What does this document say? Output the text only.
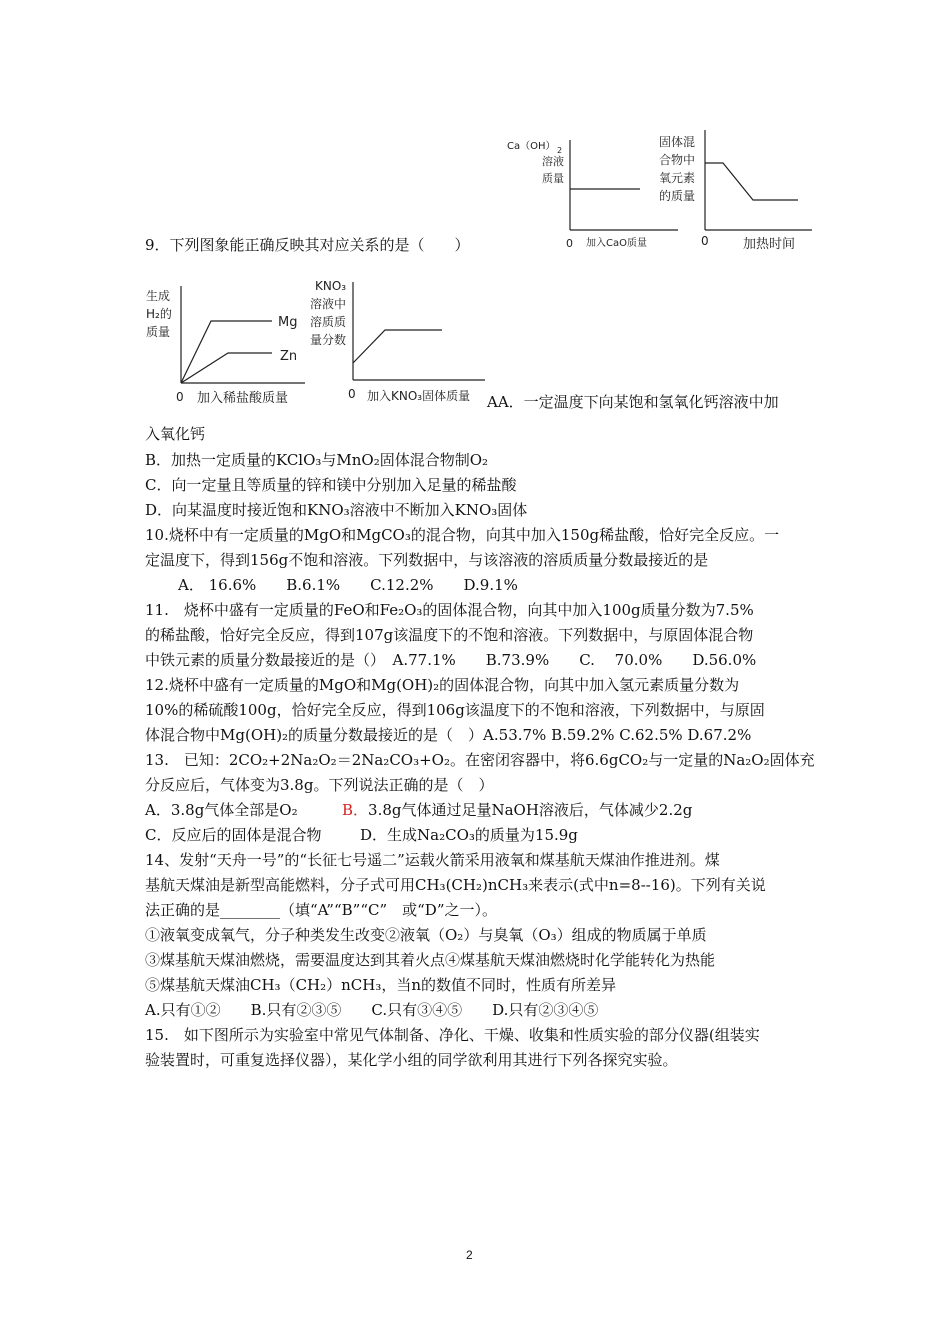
Ca（OH） 2
溶液
质量
0 加入CaO质量
固体混
合物中
氧元素
的质量
0	加热时间
生成
H₂的
质量
Mg
Zn
0 加入稀盐酸质量
KNO₃
溶液中
溶质质
量分数
0 加入KNO₃固体质量
9．下列图象能正确反映其对应关系的是（　　）
AA．一定温度下向某饱和氢氧化钙溶液中加
入氧化钙
B．加热一定质量的KClO₃与MnO₂固体混合物制O₂
C．向一定量且等质量的锌和镁中分别加入足量的稀盐酸
D．向某温度时接近饱和KNO₃溶液中不断加入KNO₃固体
10.烧杯中有一定质量的MgO和MgCO₃的混合物，向其中加入150g稀盐酸，恰好完全反应。一
定温度下，得到156g不饱和溶液。下列数据中，与该溶液的溶质质量分数最接近的是
A． 16.6%　　B.6.1%　　C.12.2%　　D.9.1%
11.　烧杯中盛有一定质量的FeO和Fe₂O₃的固体混合物，向其中加入100g质量分数为7.5%
的稀盐酸，恰好完全反应，得到107g该温度下的不饱和溶液。下列数据中，与原固体混合物
中铁元素的质量分数最接近的是（）　A.77.1%　　B.73.9%　　C.　 70.0%　　D.56.0%
12.烧杯中盛有一定质量的MgO和Mg(OH)₂的固体混合物，向其中加入氢元素质量分数为
10%的稀硫酸100g，恰好完全反应，得到106g该温度下的不饱和溶液，下列数据中，与原固
体混合物中Mg(OH)₂的质量分数最接近的是（　）A.53.7% B.59.2% C.62.5% D.67.2%
13.　已知：2CO₂+2Na₂O₂＝2Na₂CO₃+O₂。在密闭容器中，将6.6gCO₂与一定量的Na₂O₂固体充
分反应后，气体变为3.8g。下列说法正确的是（　）
A．3.8g气体全部是O₂	B．3.8g气体通过足量NaOH溶液后，气体减少2.2g
C．反应后的固体是混合物	D．生成Na₂CO₃的质量为15.9g
14、发射“天舟一号”的“长征七号遥二”运载火箭采用液氧和煤基航天煤油作推进剂。煤
基航天煤油是新型高能燃料，分子式可用CH₃(CH₂)nCH₃来表示(式中n=8--16)。下列有关说
法正确的是________（填“A”“B”“C”　或“D”之一）。
①液氧变成氧气，分子种类发生改变②液氧（O₂）与臭氧（O₃）组成的物质属于单质
③煤基航天煤油燃烧，需要温度达到其着火点④煤基航天煤油燃烧时化学能转化为热能
⑤煤基航天煤油CH₃（CH₂）nCH₃，当n的数值不同时，性质有所差异
A.只有①②　　B.只有②③⑤　　C.只有③④⑤　　D.只有②③④⑤
15.　如下图所示为实验室中常见气体制备、净化、干燥、收集和性质实验的部分仪器(组装实
验装置时，可重复选择仪器），某化学小组的同学欲利用其进行下列各探究实验。
2
